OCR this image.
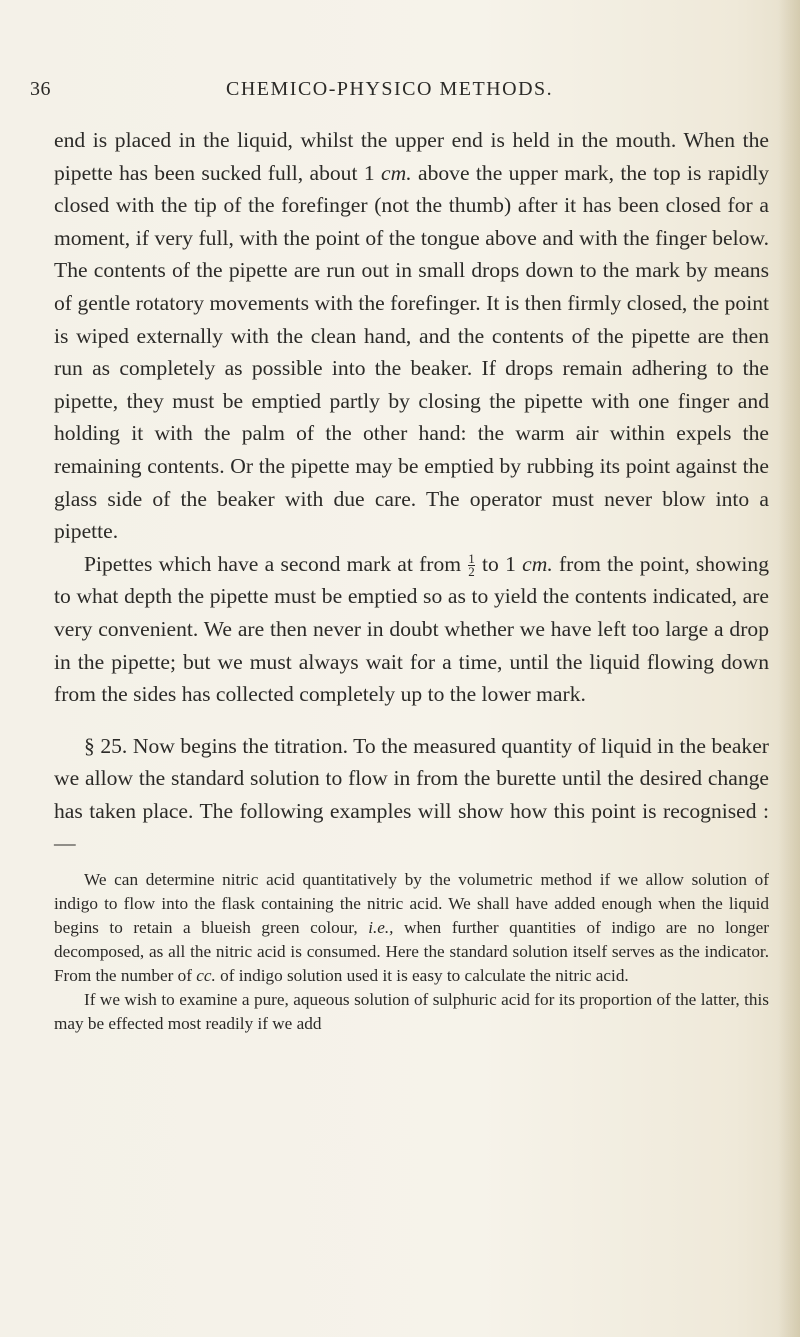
36	CHEMICO-PHYSICO METHODS.

end is placed in the liquid, whilst the upper end is held in the mouth. When the pipette has been sucked full, about 1 cm. above the upper mark, the top is rapidly closed with the tip of the forefinger (not the thumb) after it has been closed for a moment, if very full, with the point of the tongue above and with the finger below. The contents of the pipette are run out in small drops down to the mark by means of gentle rotatory movements with the forefinger. It is then firmly closed, the point is wiped externally with the clean hand, and the contents of the pipette are then run as completely as possible into the beaker. If drops remain adhering to the pipette, they must be emptied partly by closing the pipette with one finger and holding it with the palm of the other hand: the warm air within expels the remaining contents. Or the pipette may be emptied by rubbing its point against the glass side of the beaker with due care. The operator must never blow into a pipette.

Pipettes which have a second mark at from $\frac{1}{2}$ to 1 cm. from the point, showing to what depth the pipette must be emptied so as to yield the contents indicated, are very convenient. We are then never in doubt whether we have left too large a drop in the pipette; but we must always wait for a time, until the liquid flowing down from the sides has collected completely up to the lower mark.

§ 25. Now begins the titration. To the measured quantity of liquid in the beaker we allow the standard solution to flow in from the burette until the desired change has taken place. The following examples will show how this point is recognised :—

We can determine nitric acid quantitatively by the volumetric method if we allow solution of indigo to flow into the flask containing the nitric acid. We shall have added enough when the liquid begins to retain a blueish green colour, i.e., when further quantities of indigo are no longer decomposed, as all the nitric acid is consumed. Here the standard solution itself serves as the indicator. From the number of cc. of indigo solution used it is easy to calculate the nitric acid.

If we wish to examine a pure, aqueous solution of sulphuric acid for its proportion of the latter, this may be effected most readily if we add
